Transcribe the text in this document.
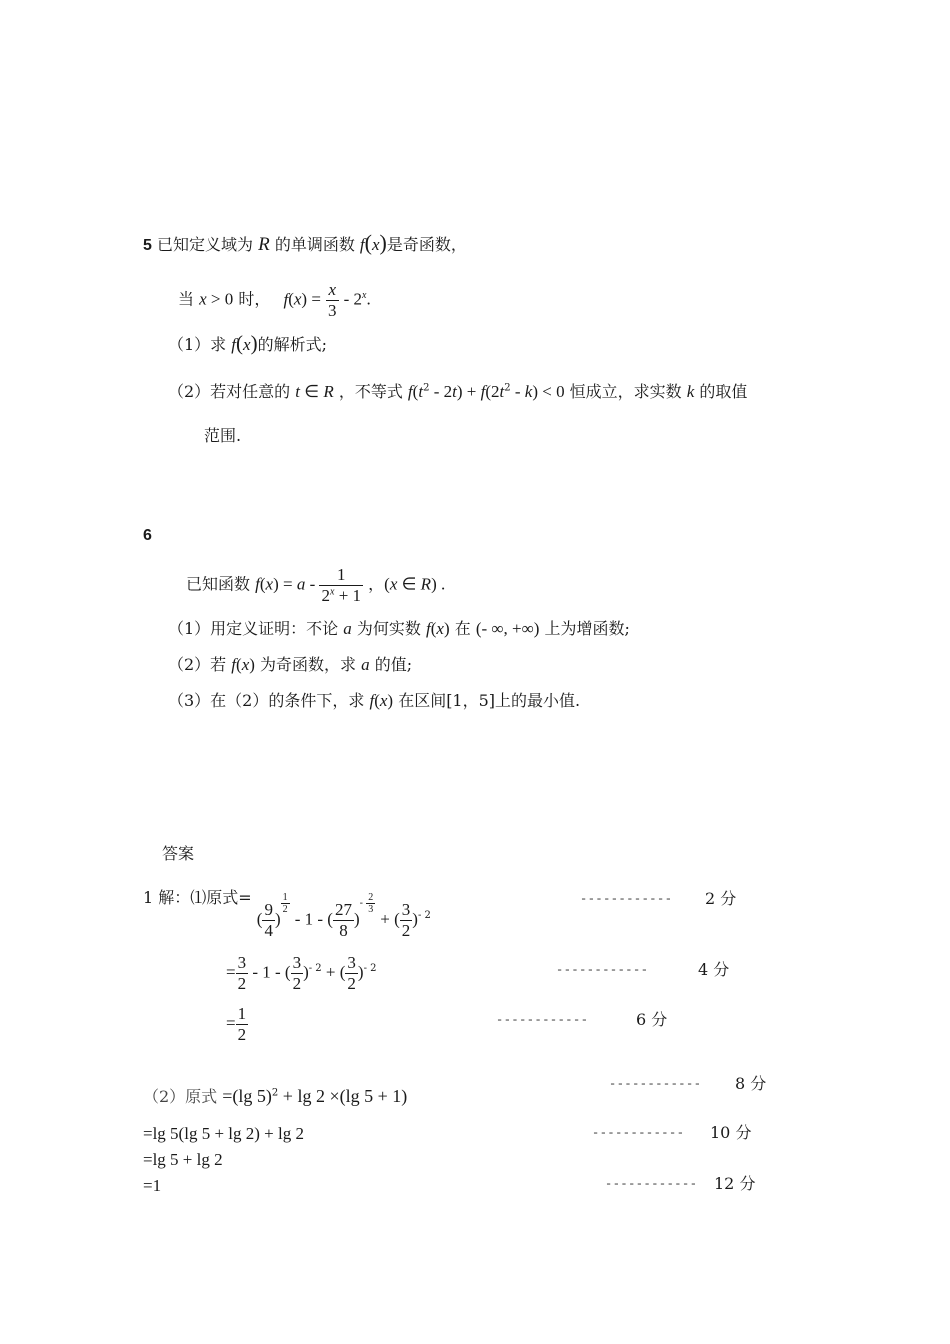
5 已知定义域为 R 的单调函数 f(x)是奇函数，
当 x > 0 时， $f(x) = \frac{x}{3} - 2^x$.
（1）求 f(x)的解析式;
（2）若对任意的 t ∈ R ，不等式 $f(t^2 - 2t) + f(2t^2 - k) < 0$ 恒成立，求实数 k 的取值
范围.
6
已知函数 $f(x) = a - \frac{1}{2^x + 1}$ ，(x ∈ R) .
（1）用定义证明：不论 a 为何实数 f(x) 在 (- ∞, +∞) 上为增函数;
（2）若 f(x) 为奇函数，求 a 的值;
（3）在（2）的条件下，求 f(x) 在区间[1，5]上的最小值.
答案
1 解：⑴原式= ( $\frac{9}{4}$ )
$^{\frac{1}{2}}$
- 1 - ( $\frac{27}{8} )^{- \frac{2}{3}}$
+ ( $\frac{3}{2} )^{- 2}$
------------ 2 分
= $\frac{3}{2} - 1$ - ( $\frac{3}{2} )^{- 2}$ + ( $\frac{3}{2} )^{- 2}$	------------	4 分
= $\frac{1}{2}$	------------	6 分
（2）原式 =(lg 5)$^2$ + lg 2 ×(lg 5 + 1)
------------ 8 分
=lg 5(lg 5 + lg 2) + lg 2	------------ 10 分
=lg 5 + lg 2
=1	------------ 12 分
